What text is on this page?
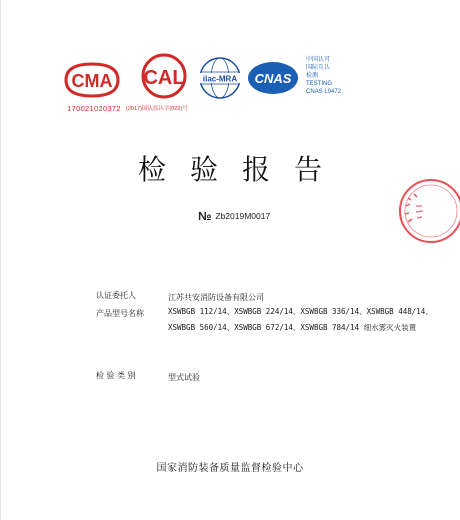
CMA
170021020372
CAL
(2017)国认监认字(022)号
ilac-MRA CNAS
中国认可
国际互认
检测
TESTING
CNAS L0472
检验报告
№ Zb2019M0017
认证委托人	江苏共安消防设备有限公司
产品型号名称	XSWBGB 112/14、XSWBGB 224/14、XSWBGB 336/14、XSWBGB 448/14、XSWBGB 560/14、XSWBGB 672/14、XSWBGB 784/14 细水雾灭火装置
检 验 类 别	型式试验
国家消防装备质量监督检验中心
